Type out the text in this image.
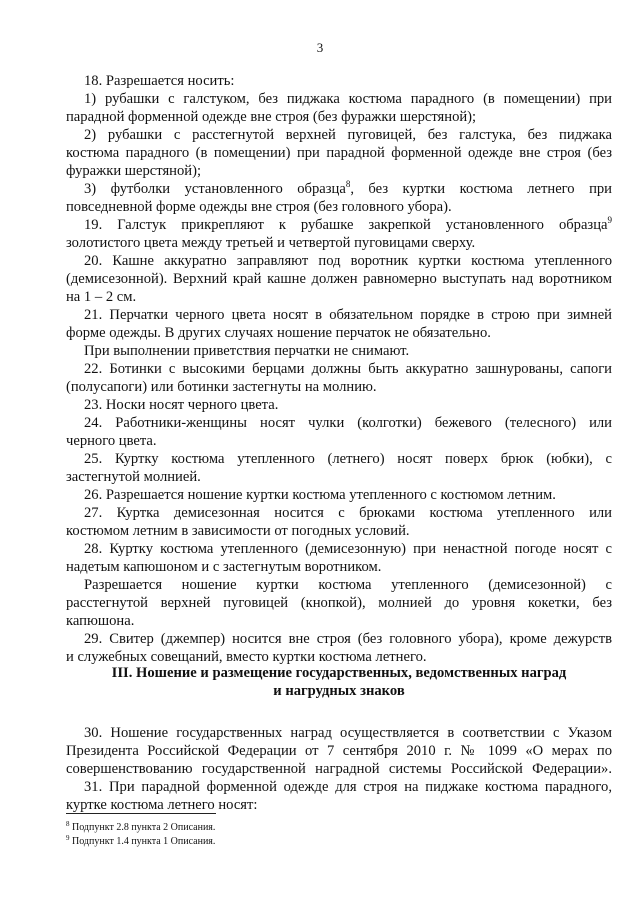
3
18. Разрешается носить:
1) рубашки с галстуком, без пиджака костюма парадного (в помещении) при
парадной форменной одежде вне строя (без фуражки шерстяной);
2) рубашки с расстегнутой верхней пуговицей, без галстука, без пиджака
костюма парадного (в помещении) при парадной форменной одежде вне строя (без
фуражки шерстяной);
3) футболки установленного образца$^8$, без куртки костюма летнего при
повседневной форме одежды вне строя (без головного убора).
19. Галстук прикрепляют к рубашке закрепкой установленного образца$^9$
золотистого цвета между третьей и четвертой пуговицами сверху.
20. Кашне аккуратно заправляют под воротник куртки костюма утепленного
(демисезонной). Верхний край кашне должен равномерно выступать над воротником
на 1 – 2 см.
21. Перчатки черного цвета носят в обязательном порядке в строю при зимней
форме одежды. В других случаях ношение перчаток не обязательно.
При выполнении приветствия перчатки не снимают.
22. Ботинки с высокими берцами должны быть аккуратно зашнурованы, сапоги
(полусапоги) или ботинки застегнуты на молнию.
23. Носки носят черного цвета.
24. Работники-женщины носят чулки (колготки) бежевого (телесного) или
черного цвета.
25. Куртку костюма утепленного (летнего) носят поверх брюк (юбки), с
застегнутой молнией.
26. Разрешается ношение куртки костюма утепленного с костюмом летним.
27. Куртка демисезонная носится с брюками костюма утепленного или
костюмом летним в зависимости от погодных условий.
28. Куртку костюма утепленного (демисезонную) при ненастной погоде носят с
надетым капюшоном и с застегнутым воротником.
Разрешается ношение куртки костюма утепленного (демисезонной) с
расстегнутой верхней пуговицей (кнопкой), молнией до уровня кокетки, без
капюшона.
29. Свитер (джемпер) носится вне строя (без головного убора), кроме дежурств
и служебных совещаний, вместо куртки костюма летнего.
30. Ношение государственных наград осуществляется в соответствии с Указом
Президента Российской Федерации от 7 сентября 2010 г. № 1099 «О мерах по
совершенствованию государственной наградной системы Российской Федерации».
31. При парадной форменной одежде для строя на пиджаке костюма парадного,
куртке костюма летнего носят:
III. Ношение и размещение государственных, ведомственных наград
и нагрудных знаков
$^8$ Подпункт 2.8 пункта 2 Описания.
$^9$ Подпункт 1.4 пункта 1 Описания.
